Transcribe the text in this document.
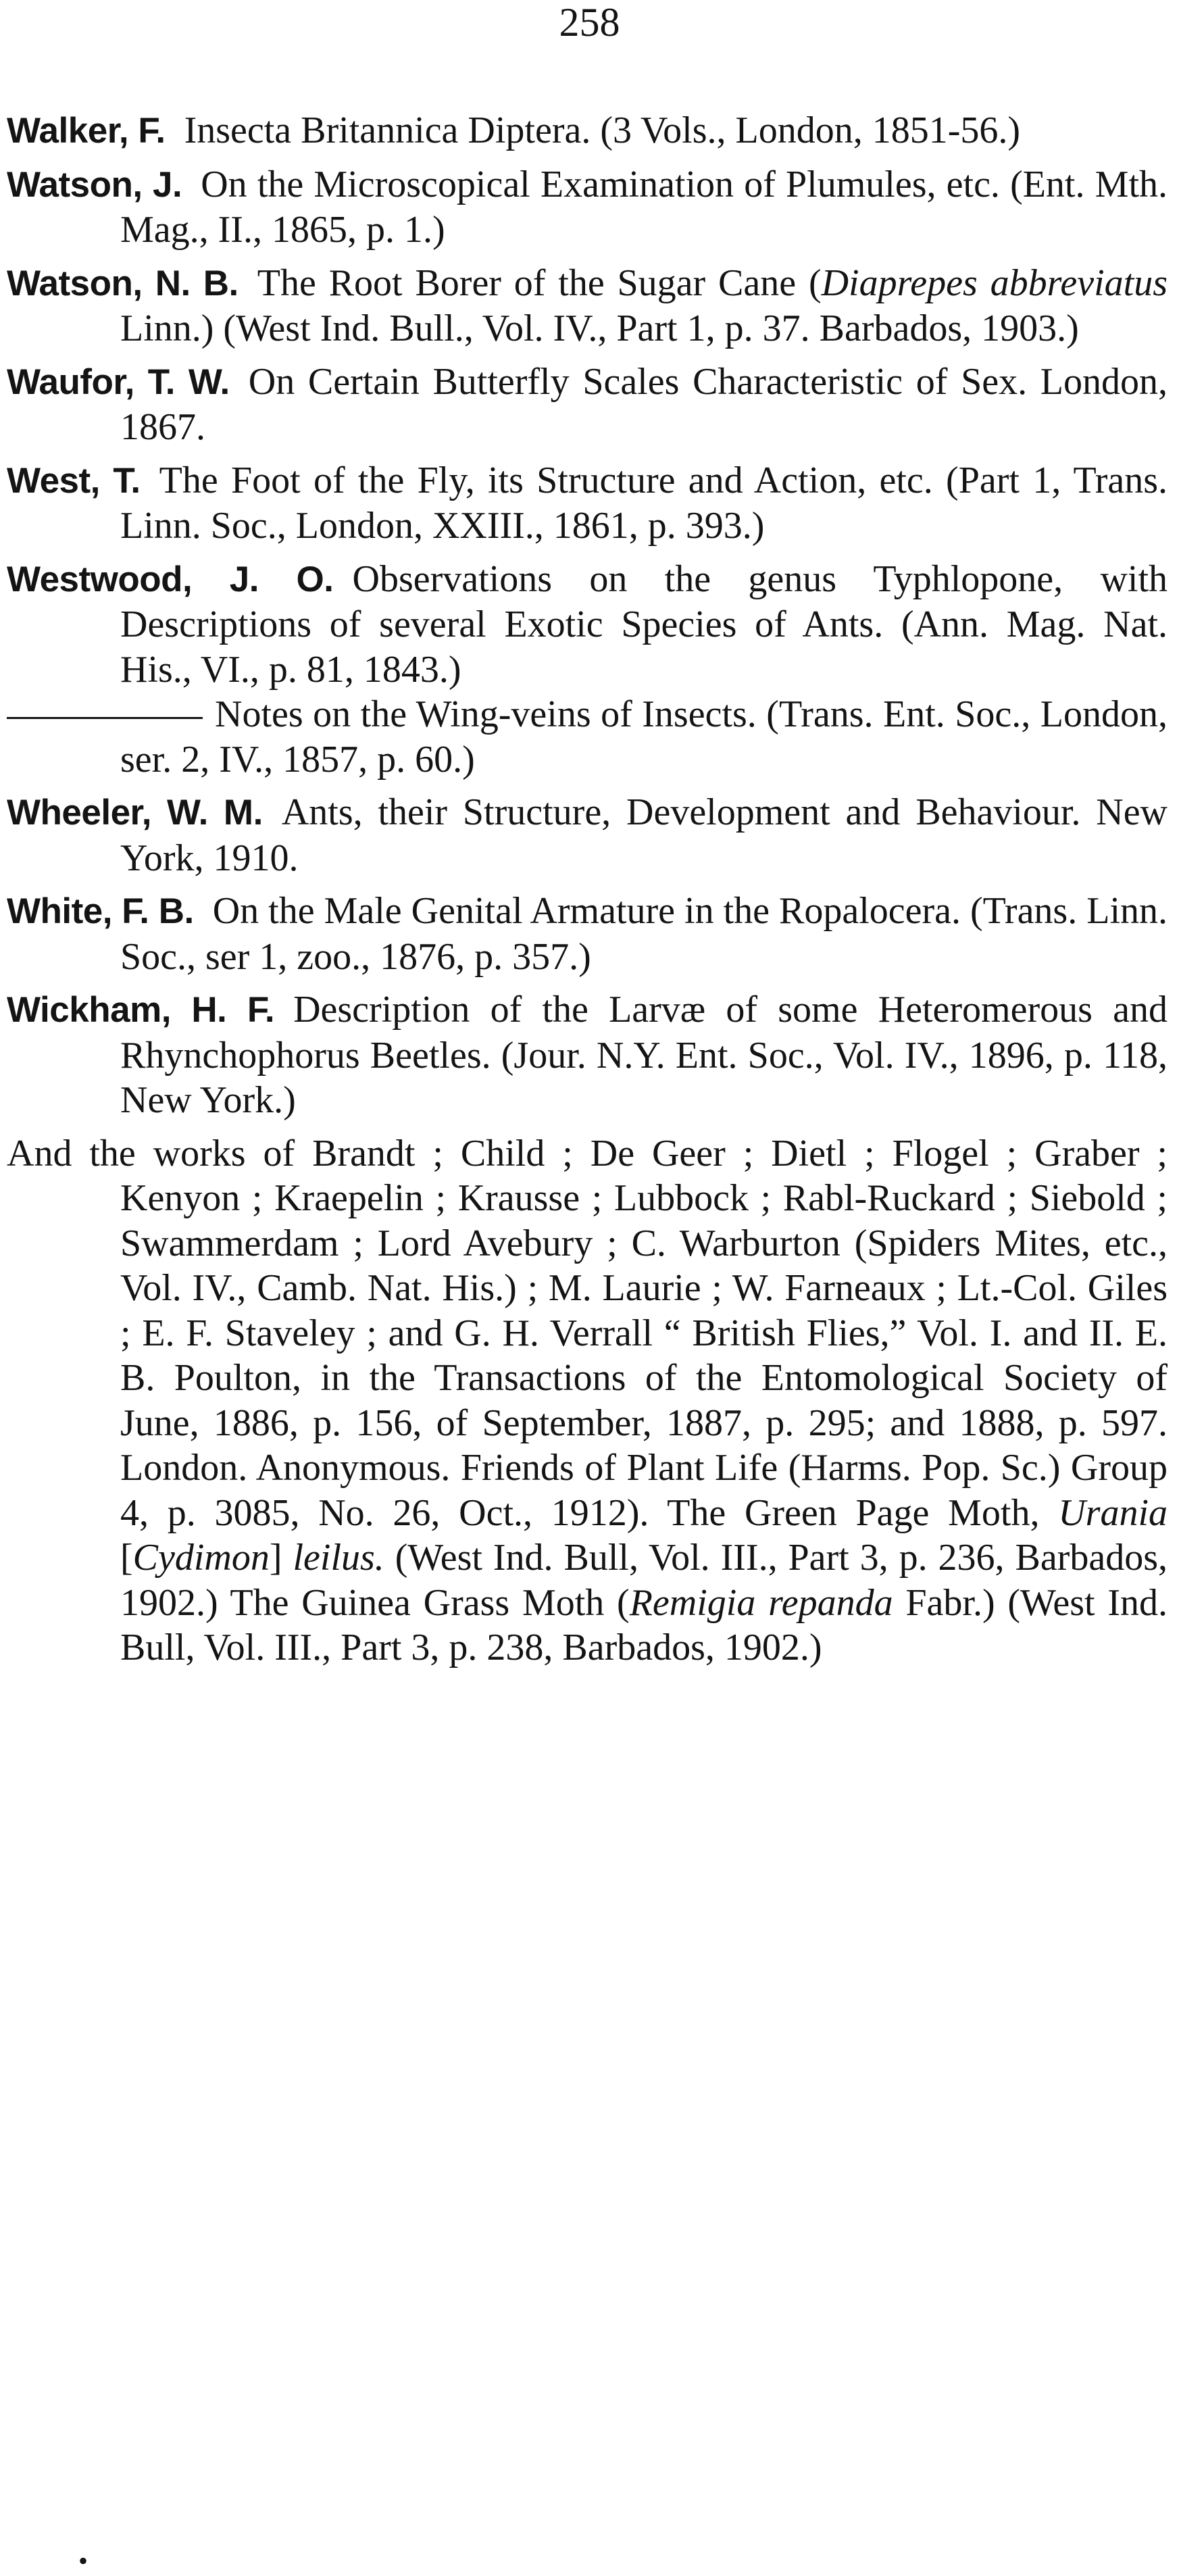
258
Walker, F.  Insecta Britannica Diptera. (3 Vols., London, 1851-56.)
Watson, J.  On the Microscopical Examination of Plumules, etc. (Ent. Mth. Mag., II., 1865, p. 1.)
Watson, N. B.  The Root Borer of the Sugar Cane (Diaprepes abbreviatus Linn.) (West Ind. Bull., Vol. IV., Part 1, p. 37. Barbados, 1903.)
Waufor, T. W.  On Certain Butterfly Scales Characteristic of Sex. London, 1867.
West, T.  The Foot of the Fly, its Structure and Action, etc. (Part 1, Trans. Linn. Soc., London, XXIII., 1861, p. 393.)
Westwood, J. O.  Observations on the genus Typhlopone, with Descriptions of several Exotic Species of Ants. (Ann. Mag. Nat. His., VI., p. 81, 1843.)
Notes on the Wing-veins of Insects. (Trans. Ent. Soc., London, ser. 2, IV., 1857, p. 60.)
Wheeler, W. M.  Ants, their Structure, Development and Behaviour. New York, 1910.
White, F. B.  On the Male Genital Armature in the Ropalocera. (Trans. Linn. Soc., ser 1, zoo., 1876, p. 357.)
Wickham, H. F.  Description of the Larvæ of some Heteromerous and Rhynchophorus Beetles. (Jour. N.Y. Ent. Soc., Vol. IV., 1896, p. 118, New York.)
And the works of Brandt ; Child ; De Geer ; Dietl ; Flogel ; Graber ; Kenyon ; Kraepelin ; Krausse ; Lubbock ; Rabl-Ruckard ; Siebold ; Swammerdam ; Lord Avebury ; C. Warburton (Spiders Mites, etc., Vol. IV., Camb. Nat. His.) ; M. Laurie ; W. Farneaux ; Lt.-Col. Giles ; E. F. Staveley ; and G. H. Verrall “ British Flies,” Vol. I. and II. E. B. Poulton, in the Transactions of the Entomological Society of June, 1886, p. 156, of September, 1887, p. 295; and 1888, p. 597. London. Anonymous. Friends of Plant Life (Harms. Pop. Sc.) Group 4, p. 3085, No. 26, Oct., 1912). The Green Page Moth, Urania [Cydimon] leilus. (West Ind. Bull, Vol. III., Part 3, p. 236, Barbados, 1902.) The Guinea Grass Moth (Remigia repanda Fabr.) (West Ind. Bull, Vol. III., Part 3, p. 238, Barbados, 1902.)
•
